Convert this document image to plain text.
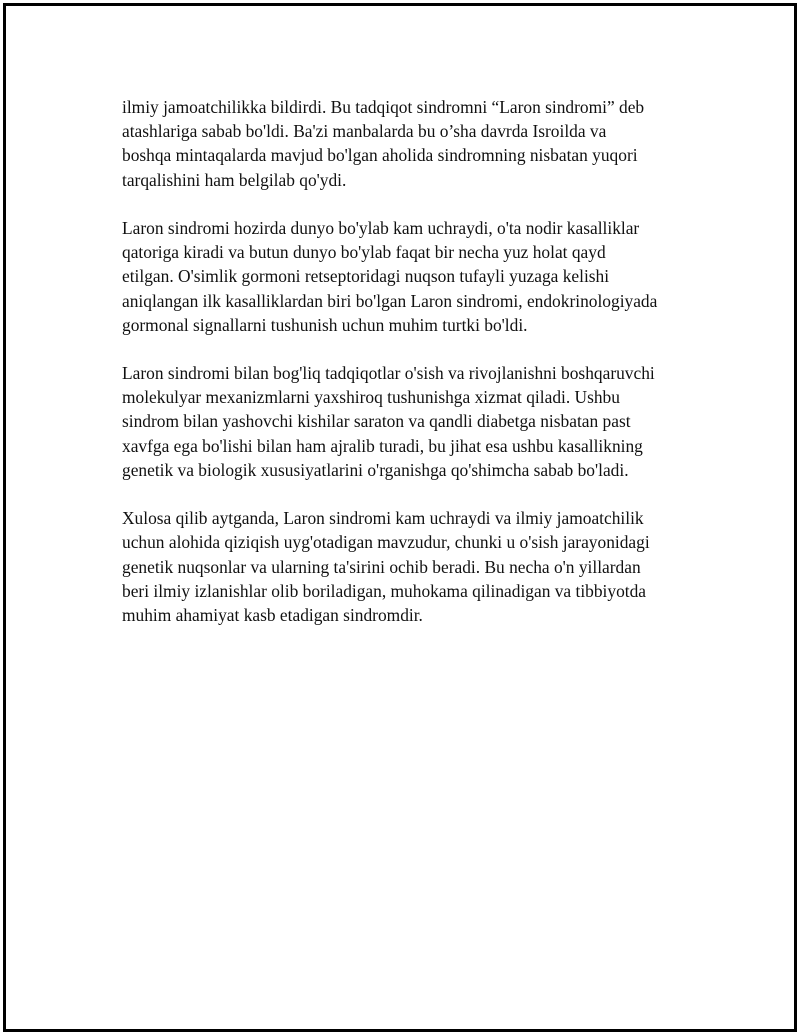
ilmiy jamoatchilikka bildirdi. Bu tadqiqot sindromni “Laron sindromi” deb
atashlariga sabab bo'ldi. Ba'zi manbalarda bu o’sha davrda Isroilda va
boshqa mintaqalarda mavjud bo'lgan aholida sindromning nisbatan yuqori
tarqalishini ham belgilab qo'ydi.

Laron sindromi hozirda dunyo bo'ylab kam uchraydi, o'ta nodir kasalliklar
qatoriga kiradi va butun dunyo bo'ylab faqat bir necha yuz holat qayd
etilgan. O'simlik gormoni retseptoridagi nuqson tufayli yuzaga kelishi
aniqlangan ilk kasalliklardan biri bo'lgan Laron sindromi, endokrinologiyada
gormonal signallarni tushunish uchun muhim turtki bo'ldi.

Laron sindromi bilan bog'liq tadqiqotlar o'sish va rivojlanishni boshqaruvchi
molekulyar mexanizmlarni yaxshiroq tushunishga xizmat qiladi. Ushbu
sindrom bilan yashovchi kishilar saraton va qandli diabetga nisbatan past
xavfga ega bo'lishi bilan ham ajralib turadi, bu jihat esa ushbu kasallikning
genetik va biologik xususiyatlarini o'rganishga qo'shimcha sabab bo'ladi.

Xulosa qilib aytganda, Laron sindromi kam uchraydi va ilmiy jamoatchilik
uchun alohida qiziqish uyg'otadigan mavzudur, chunki u o'sish jarayonidagi
genetik nuqsonlar va ularning ta'sirini ochib beradi. Bu necha o'n yillardan
beri ilmiy izlanishlar olib boriladigan, muhokama qilinadigan va tibbiyotda
muhim ahamiyat kasb etadigan sindromdir.
